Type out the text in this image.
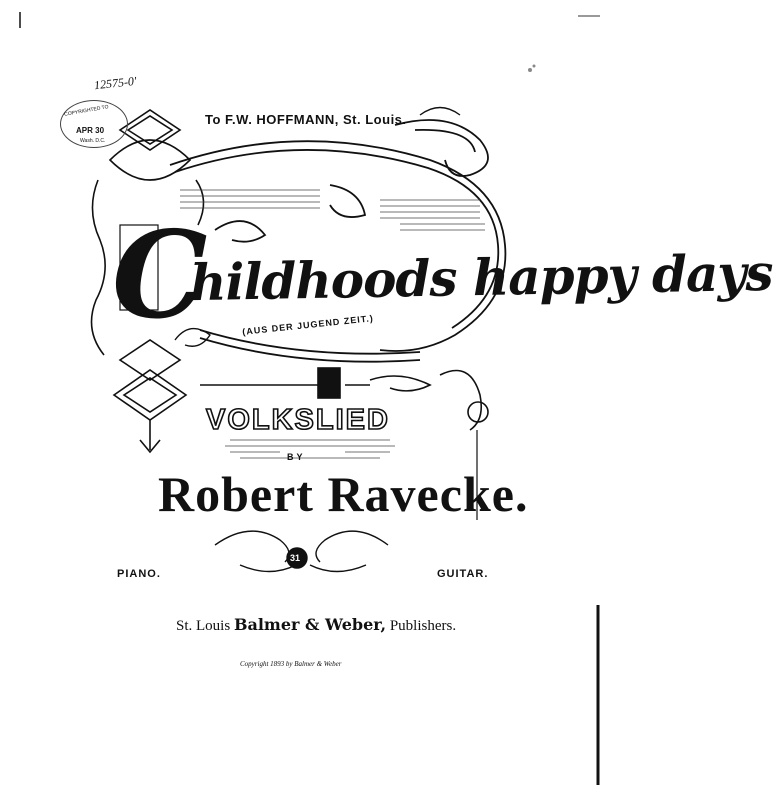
12575-0'
COPYRIGHTED TO
APR 30
Wash. D.C.
To F.W. HOFFMANN, St. Louis.
C
hildhoods happy days
(AUS DER JUGEND ZEIT.)
VOLKSLIED
BY
Robert Ravecke.
31
PIANO.	GUITAR.
St. Louis Balmer & Weber, Publishers.
Copyright 1893 by Balmer & Weber
